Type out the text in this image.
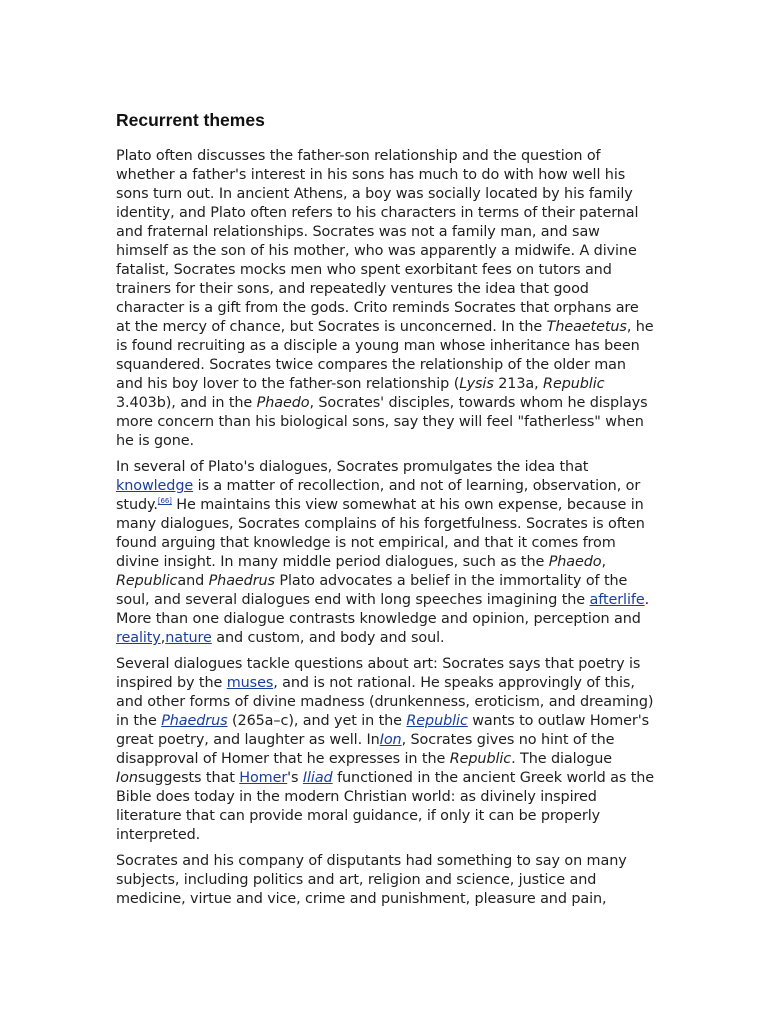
Recurrent themes

Plato often discusses the father-son relationship and the question of whether a father's interest in his sons has much to do with how well his sons turn out. In ancient Athens, a boy was socially located by his family identity, and Plato often refers to his characters in terms of their paternal and fraternal relationships. Socrates was not a family man, and saw himself as the son of his mother, who was apparently a midwife. A divine fatalist, Socrates mocks men who spent exorbitant fees on tutors and trainers for their sons, and repeatedly ventures the idea that good character is a gift from the gods. Crito reminds Socrates that orphans are at the mercy of chance, but Socrates is unconcerned. In the Theaetetus, he is found recruiting as a disciple a young man whose inheritance has been squandered. Socrates twice compares the relationship of the older man and his boy lover to the father-son relationship (Lysis 213a, Republic 3.403b), and in the Phaedo, Socrates' disciples, towards whom he displays more concern than his biological sons, say they will feel "fatherless" when he is gone.

In several of Plato's dialogues, Socrates promulgates the idea that knowledge is a matter of recollection, and not of learning, observation, or study.[66] He maintains this view somewhat at his own expense, because in many dialogues, Socrates complains of his forgetfulness. Socrates is often found arguing that knowledge is not empirical, and that it comes from divine insight. In many middle period dialogues, such as the Phaedo, Republicand Phaedrus Plato advocates a belief in the immortality of the soul, and several dialogues end with long speeches imagining the afterlife. More than one dialogue contrasts knowledge and opinion, perception and reality,nature and custom, and body and soul.

Several dialogues tackle questions about art: Socrates says that poetry is inspired by the muses, and is not rational. He speaks approvingly of this, and other forms of divine madness (drunkenness, eroticism, and dreaming) in the Phaedrus (265a–c), and yet in the Republic wants to outlaw Homer's great poetry, and laughter as well. InIon, Socrates gives no hint of the disapproval of Homer that he expresses in the Republic. The dialogue Ionsuggests that Homer's Iliad functioned in the ancient Greek world as the Bible does today in the modern Christian world: as divinely inspired literature that can provide moral guidance, if only it can be properly interpreted.

Socrates and his company of disputants had something to say on many subjects, including politics and art, religion and science, justice and medicine, virtue and vice, crime and punishment, pleasure and pain,
